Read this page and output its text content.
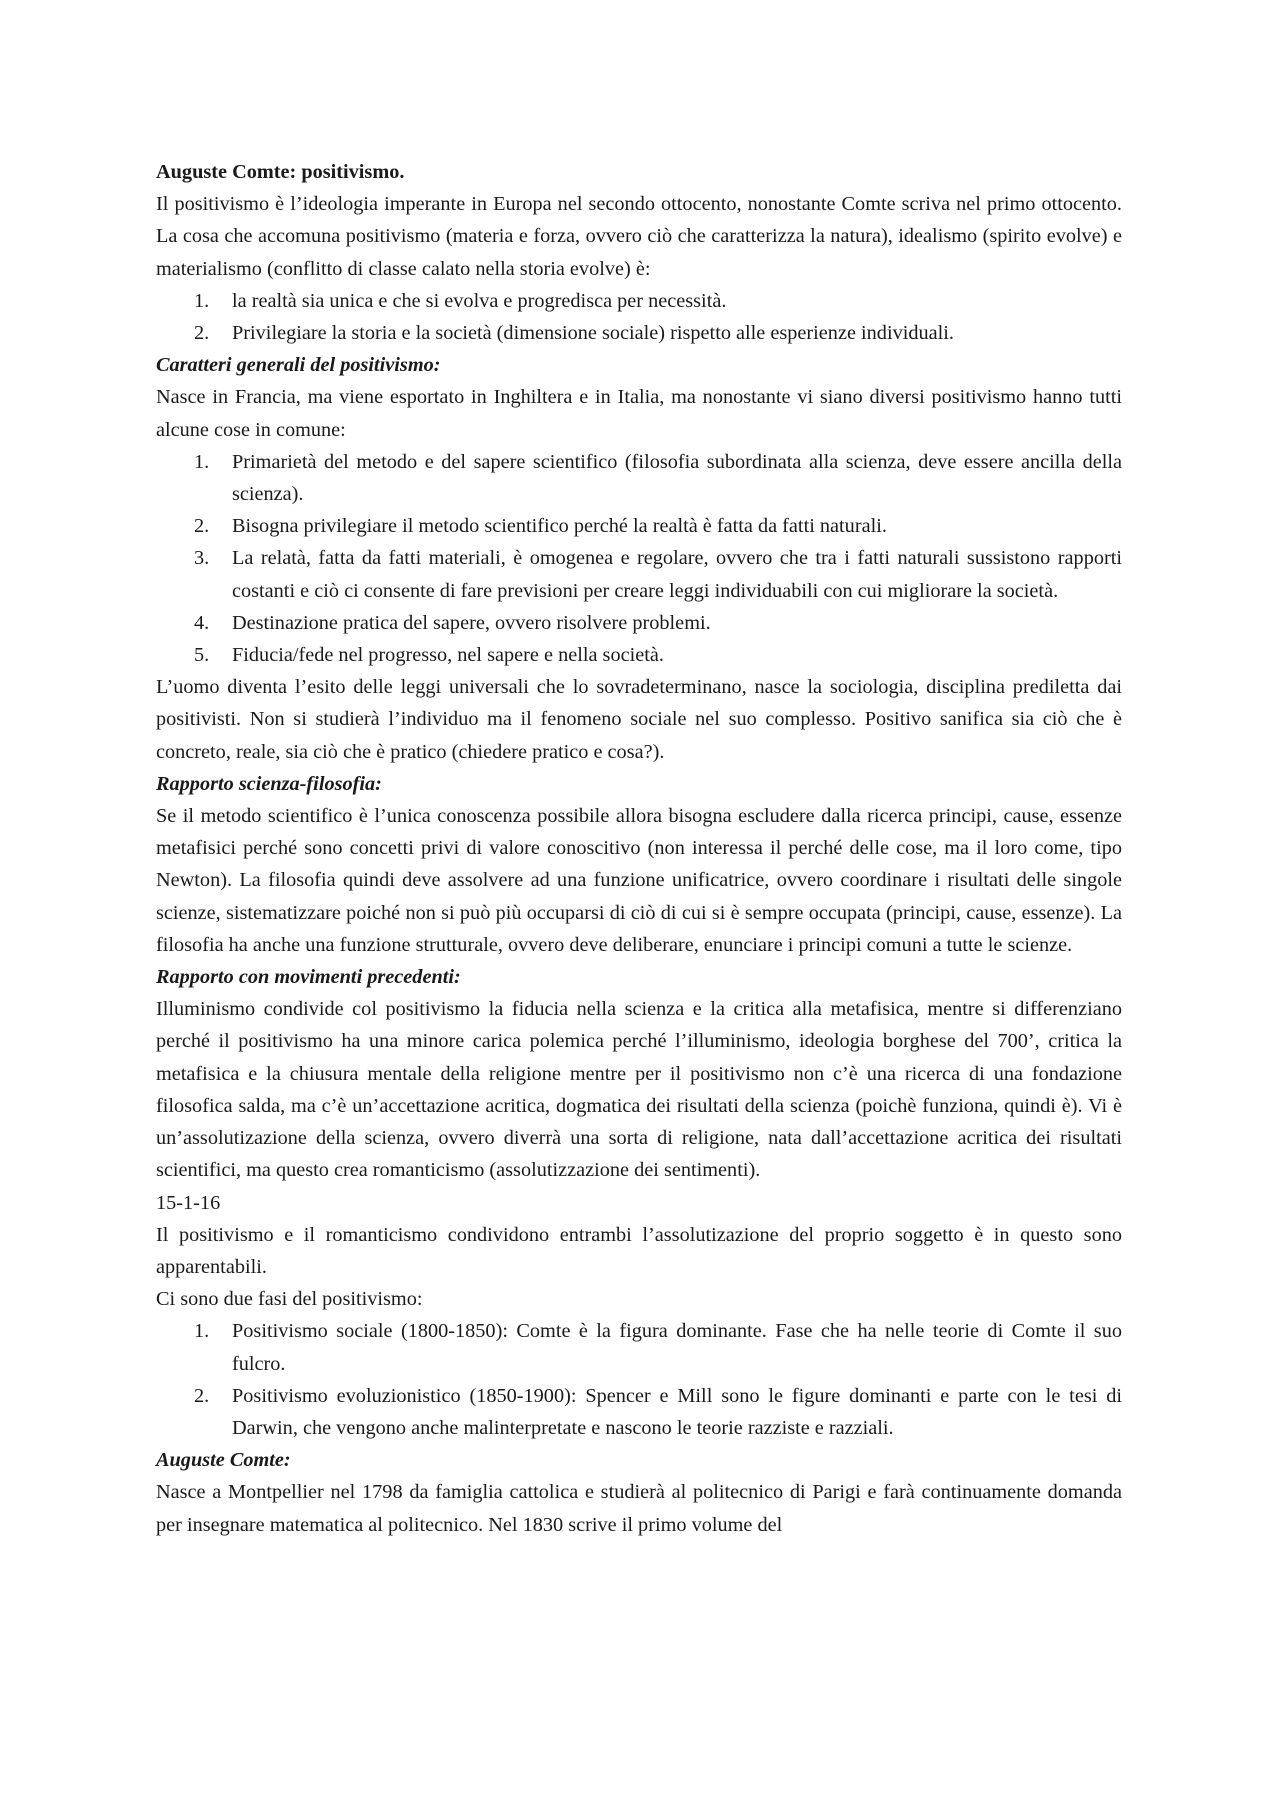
Auguste Comte: positivismo.

Il positivismo è l’ideologia imperante in Europa nel secondo ottocento, nonostante Comte scriva nel primo ottocento. La cosa che accomuna positivismo (materia e forza, ovvero ciò che caratterizza la natura), idealismo (spirito evolve) e materialismo (conflitto di classe calato nella storia evolve) è:

1. la realtà sia unica e che si evolva e progredisca per necessità.
2. Privilegiare la storia e la società (dimensione sociale) rispetto alle esperienze individuali.
Caratteri generali del positivismo:

Nasce in Francia, ma viene esportato in Inghiltera e in Italia, ma nonostante vi siano diversi positivismo hanno tutti alcune cose in comune:

1. Primarietà del metodo e del sapere scientifico (filosofia subordinata alla scienza, deve essere ancilla della scienza).
2. Bisogna privilegiare il metodo scientifico perché la realtà è fatta da fatti naturali.
3. La relatà, fatta da fatti materiali, è omogenea e regolare, ovvero che tra i fatti naturali sussistono rapporti costanti e ciò ci consente di fare previsioni per creare leggi individuabili con cui migliorare la società.
4. Destinazione pratica del sapere, ovvero risolvere problemi.
5. Fiducia/fede nel progresso, nel sapere e nella società.

L’uomo diventa l’esito delle leggi universali che lo sovradeterminano, nasce la sociologia, disciplina prediletta dai positivisti. Non si studierà l’individuo ma il fenomeno sociale nel suo complesso. Positivo sanifica sia ciò che è concreto, reale, sia ciò che è pratico (chiedere pratico e cosa?).

Rapporto scienza-filosofia:

Se il metodo scientifico è l’unica conoscenza possibile allora bisogna escludere dalla ricerca principi, cause, essenze metafisici perché sono concetti privi di valore conoscitivo (non interessa il perché delle cose, ma il loro come, tipo Newton). La filosofia quindi deve assolvere ad una funzione unificatrice, ovvero coordinare i risultati delle singole scienze, sistematizzare poiché non si può più occuparsi di ciò di cui si è sempre occupata (principi, cause, essenze). La filosofia ha anche una funzione strutturale, ovvero deve deliberare, enunciare i principi comuni a tutte le scienze.

Rapporto con movimenti precedenti:

Illuminismo condivide col positivismo la fiducia nella scienza e la critica alla metafisica, mentre si differenziano perché il positivismo ha una minore carica polemica perché l’illuminismo, ideologia borghese del 700’, critica la metafisica e la chiusura mentale della religione mentre per il positivismo non c’è una ricerca di una fondazione filosofica salda, ma c’è un’accettazione acritica, dogmatica dei risultati della scienza (poichè funziona, quindi è). Vi è un’assolutizazione della scienza, ovvero diverrà una sorta di religione, nata dall’accettazione acritica dei risultati scientifici, ma questo crea romanticismo (assolutizzazione dei sentimenti).

15-1-16

Il positivismo e il romanticismo condividono entrambi l’assolutizazione del proprio soggetto è in questo sono apparentabili.

Ci sono due fasi del positivismo:

1. Positivismo sociale (1800-1850): Comte è la figura dominante. Fase che ha nelle teorie di Comte il suo fulcro.
2. Positivismo evoluzionistico (1850-1900): Spencer e Mill sono le figure dominanti e parte con le tesi di Darwin, che vengono anche malinterpretate e nascono le teorie razziste e razziali.
Auguste Comte:

Nasce a Montpellier nel 1798 da famiglia cattolica e studierà al politecnico di Parigi e farà continuamente domanda per insegnare matematica al politecnico. Nel 1830 scrive il primo volume del
